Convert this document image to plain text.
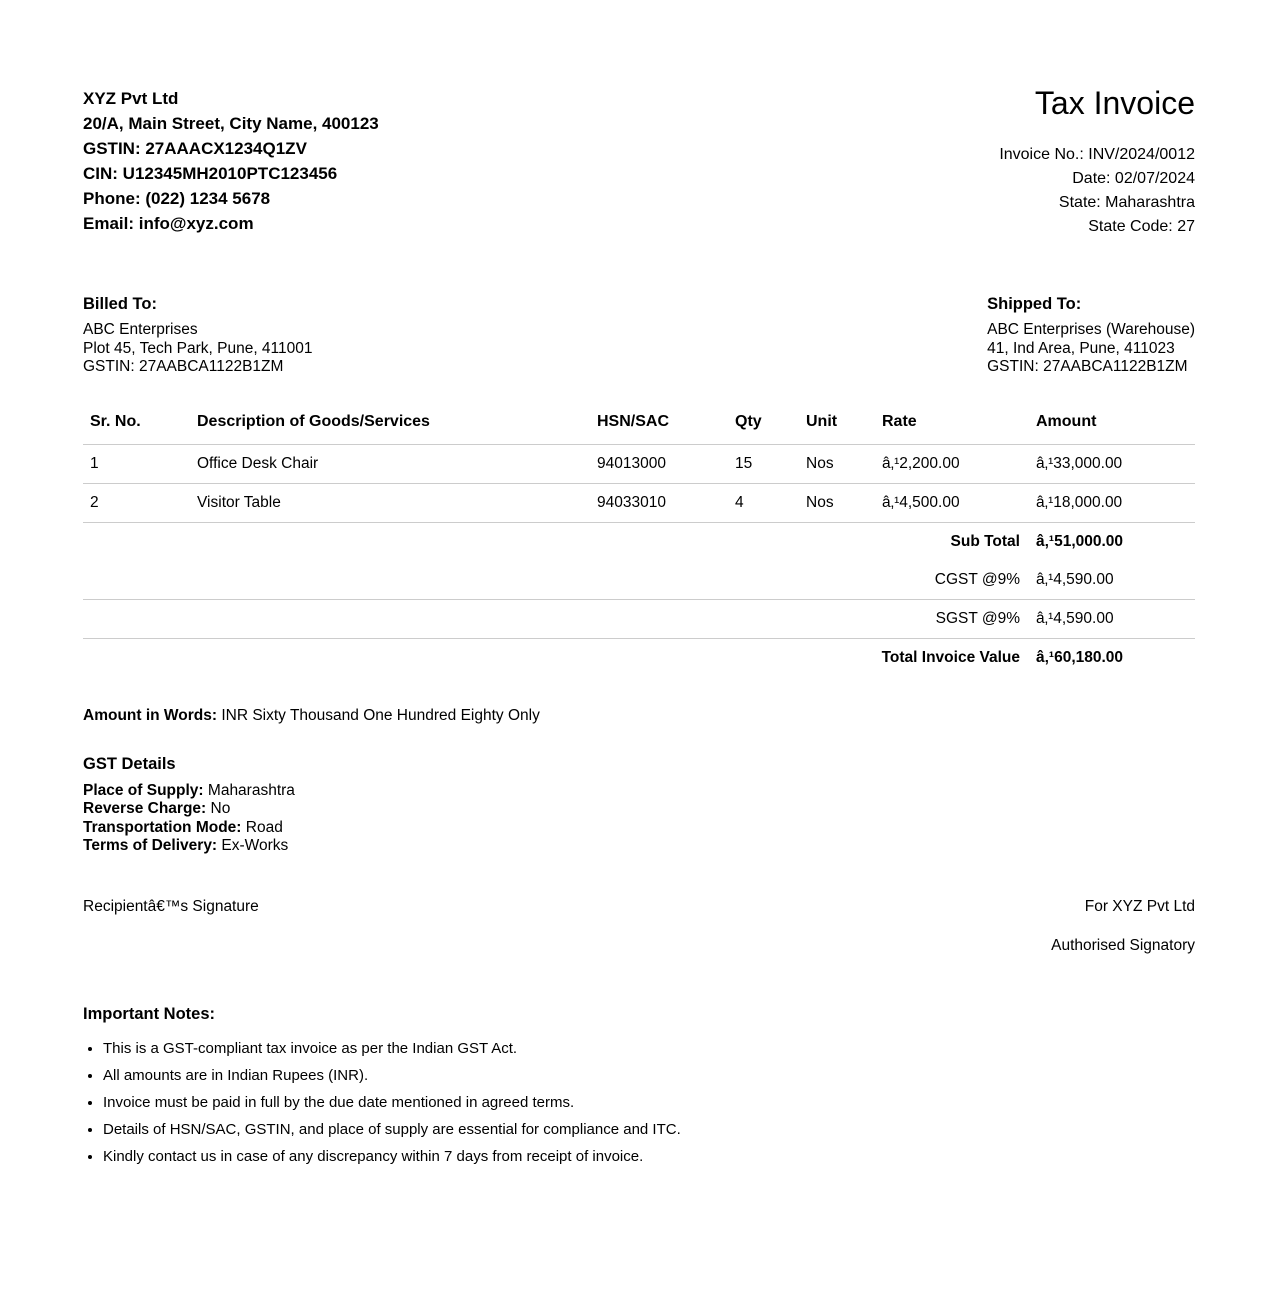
XYZ Pvt Ltd
20/A, Main Street, City Name, 400123
GSTIN: 27AAACX1234Q1ZV
CIN: U12345MH2010PTC123456
Phone: (022) 1234 5678
Email: info@xyz.com
Tax Invoice
Invoice No.: INV/2024/0012
Date: 02/07/2024
State: Maharashtra
State Code: 27
Billed To:
ABC Enterprises
Plot 45, Tech Park, Pune, 411001
GSTIN: 27AABCA1122B1ZM
Shipped To:
ABC Enterprises (Warehouse)
41, Ind Area, Pune, 411023
GSTIN: 27AABCA1122B1ZM
Sr. No.	Description of Goods/Services	HSN/SAC	Qty	Unit	Rate	Amount
1	Office Desk Chair	94013000	15	Nos	â‚¹2,200.00	â‚¹33,000.00
2	Visitor Table	94033010	4	Nos	â‚¹4,500.00	â‚¹18,000.00
Sub Total						â‚¹51,000.00
CGST @9%						â‚¹4,590.00
SGST @9%						â‚¹4,590.00
Total Invoice Value						â‚¹60,180.00

Amount in Words: INR Sixty Thousand One Hundred Eighty Only

GST Details
Place of Supply: Maharashtra
Reverse Charge: No
Transportation Mode: Road
Terms of Delivery: Ex-Works
Recipientâ€™s Signature	For XYZ Pvt Ltd
Authorised Signatory
Important Notes:
• This is a GST-compliant tax invoice as per the Indian GST Act.
• All amounts are in Indian Rupees (INR).
• Invoice must be paid in full by the due date mentioned in agreed terms.
• Details of HSN/SAC, GSTIN, and place of supply are essential for compliance and ITC.
• Kindly contact us in case of any discrepancy within 7 days from receipt of invoice.
